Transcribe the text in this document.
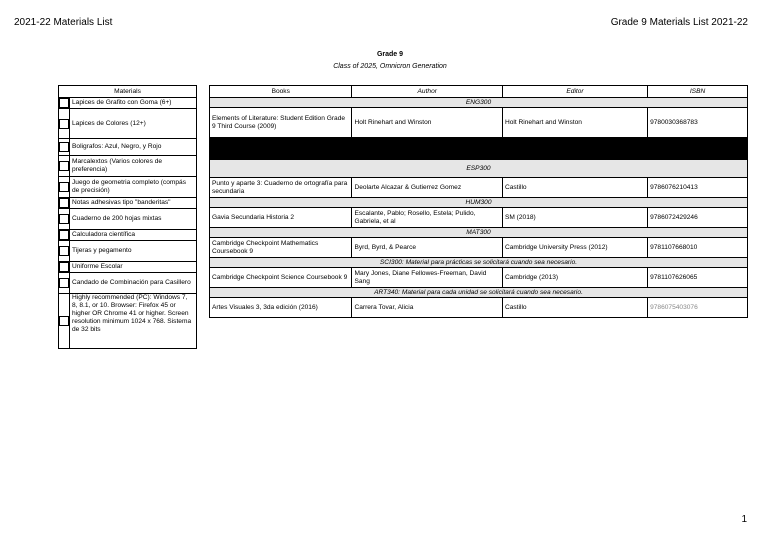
2021-22 Materials List	Grade 9 Materials List 2021-22
Grade 9
Class of 2025, Omnicron Generation
Materials	

	Lapices de Grafito con Goma (6+)

	Lapices de Colores (12+)

	Boligrafos: Azul, Negro, y Rojo

	Marcalextos (Varios colores de preferencia)

	Juego de geometria completo (compás de precisión)

	Notas adhesivas tipo "banderitas"

	Cuaderno de 200 hojas mixtas

	Calculadora científica

	Tijeras y pegamento

	Uniforme Escolar

	Candado de Combinación para Casillero

	Highly recommended (PC): Windows 7, 8, 8.1, or 10. Browser: Firefox 45 or higher OR Chrome 41 or higher. Screen resolution minimum 1024 x 768. Sistema de 32 bits
Books	Author	Editor	ISBN
ENG300			
Elements of Literature: Student Edition Grade 9 Third Course (2009)	Holt Rinehart and Winston	Holt Rinehart and Winston	9780030368783

ESP300			
Punto y aparte 3: Cuaderno de ortografía para secundaria	Deolarte Alcazar & Gutierrez Gomez	Castillo	9786076210413
HUM300			
Gavia Secundaria Historia 2	Escalante, Pablo; Rosello, Estela; Pulido, Gabriela, et al	SM (2018)	9786072429246
MAT300			
Cambridge Checkpoint Mathematics Coursebook 9	Byrd, Byrd, & Pearce	Cambridge University Press (2012)	9781107668010
SCI300: Material para prácticas se solicitará cuando sea necesario.			
Cambridge Checkpoint Science Coursebook 9	Mary Jones, Diane Fellowes-Freeman, David Sang	Cambridge (2013)	9781107626065
ART340: Material para cada unidad se solicitará cuando sea necesario.			
Artes Visuales 3, 3da edición (2016)	Carrera Tovar, Alicia	Castillo	9786075403076
1
